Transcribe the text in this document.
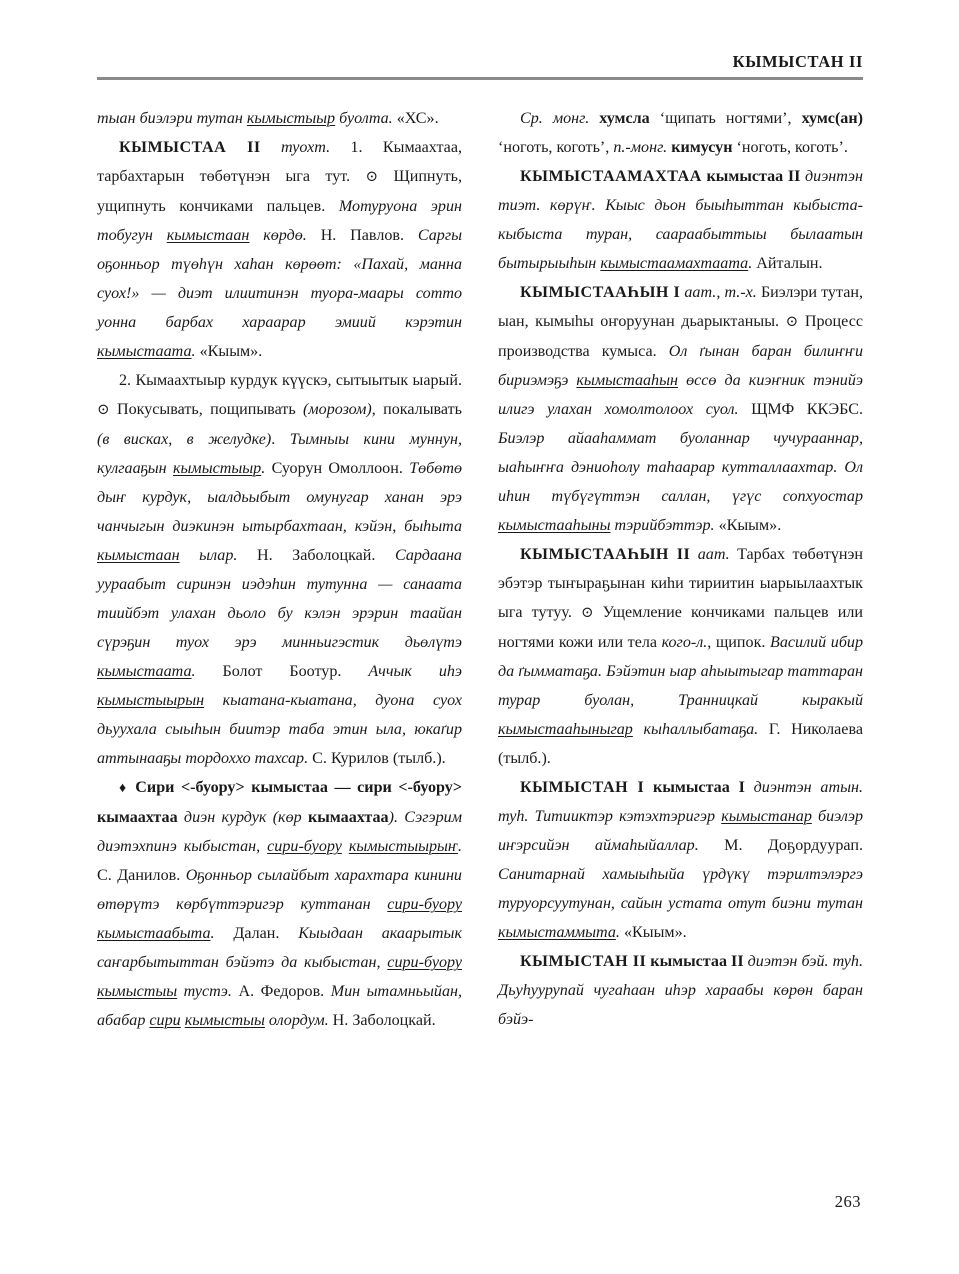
КЫМЫСТАН II

тыан биэлэри тутан кымыстыыр буолта. «ХС».

КЫМЫСТАА II туохт. 1. Кымаахтаа, тарбахтарын төбөтүнэн ыга тут. ⊙ Щипнуть, ущипнуть кончиками пальцев. Мотуруона эрин тобугун кымыстаан көрдө. Н. Павлов. Саргы оҕонньор түөһүн хаһан көрөөт: «Пахай, манна суох!» — диэт илиитинэн туора-маары сотто уонна барбах хараарар эмиий кэрэтин кымыстаата. «Кыым».

2. Кымаахтыыр курдук күүскэ, сытыытык ыарый. ⊙ Покусывать, пощипывать (морозом), покалывать (в висках, в желудке). Тымныы кини муннун, кулгааҕын кымыстыыр. Суорун Омоллоон. Төбөтө дыҥ курдук, ыалдьыбыт омунугар ханан эрэ чанчыгын диэкинэн ытырбахтаан, кэйэн, быһыта кымыстаан ылар. Н. Заболоцкай. Сардаана уураабыт сиринэн иэдэһин тутунна — санаата тиийбэт улахан дьоло бу кэлэн эрэрин таайан сүрэҕин туох эрэ минньигэстик дьөлүтэ кымыстаата. Болот Боотур. Аччык иһэ кымыстыырын кыатана-кыатана, дуона суох дьуухала сыыһын биитэр таба этин ыла, юкаґир аттынааҕы тордоххо тахсар. С. Курилов (тылб.).

♦ Сири <-буору> кымыстаа — сири <-буору> кымаахтаа диэн курдук (көр кымаахтаа). Сэгэрим диэтэхпинэ кыбыстан, сири-буору кымыстыырыҥ. С. Данилов. Оҕонньор сылайбыт харахтара кинини өтөрүтэ көрбүттэригэр куттанан сири-буору кымыстаабыта. Далан. Кыыдаан акаарытык саҥарбытыттан бэйэтэ да кыбыстан, сири-буору кымыстыы тустэ. А. Федоров. Мин ытамньыйан, абабар сири кымыстыы олордум. Н. Заболоцкай.

Ср. монг. хумсла ‘щипать ногтями’, хумс(ан) ‘ноготь, коготь’, п.-монг. кимусун ‘ноготь, коготь’.

КЫМЫСТААМАХТАА кымыстаа II диэнтэн тиэт. көрүҥ. Кыыс дьон быыһыттан кыбыста-кыбыста туран, саараабыттыы былаатын бытырыыһын кымыстаамахтаата. Айталын.

КЫМЫСТААҺЫН I аат., т.-х. Биэлэри тутан, ыан, кымыһы оҥоруунан дьарыктаныы. ⊙ Процесс производства кумыса. Ол ґынан баран билиҥҥи бириэмэҕэ кымыстааһын өссө да киэҥник тэнийэ илигэ улахан хомолтолоох суол. ЩМФ ККЭБС. Биэлэр айааһаммат буоланнар чучурааннар, ыаһыҥҥа дэниоһолу таһаарар кутталлаахтар. Ол иһин түбүгүттэн саллан, үгүс сопхуостар кымыстааһыны тэрийбэттэр. «Кыым».

КЫМЫСТААҺЫН II аат. Тарбах төбөтүнэн эбэтэр тыҥыраҕынан киһи тириитин ыарыылаахтык ыга тутуу. ⊙ Ущемление кончиками пальцев или ногтями кожи или тела кого-л., щипок. Василий ибир да ґымматаҕа. Бэйэтин ыар аһыытыгар таттаран турар буолан, Транницкай кыракый кымыстааһыныгар кыһаллыбатаҕа. Г. Николаева (тылб.).

КЫМЫСТАН I кымыстаа I диэнтэн атын. туһ. Титииктэр кэтэхтэригэр кымыстанар биэлэр иҥэрсийэн аймаһыйаллар. М. Доҕордуурап. Санитарнай хамыыһыйа үрдүкү тэрилтэлэргэ туруорсуутунан, сайын устата отут биэни тутан кымыстаммыта. «Кыым».

КЫМЫСТАН II кымыстаа II диэтэн бэй. туһ. Дьуһууруnай чугаһаан иһэр хараабы көрөн баран бэйэ-

263
